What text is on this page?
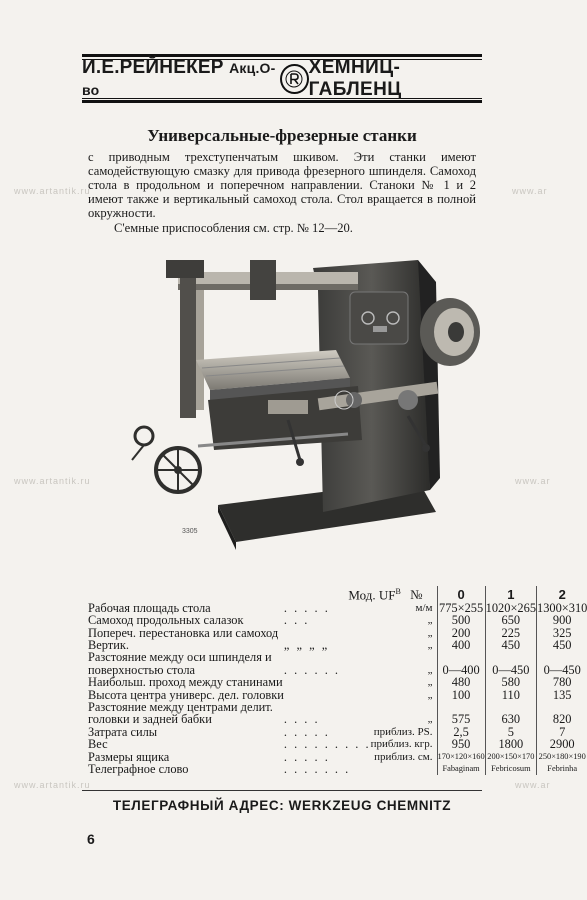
И.Е.РЕЙНЕКЕР Акц.О-во
ХЕМНИЦ-ГАБЛЕНЦ
Универсальные-фрезерные станки

с приводным трехступенчатым шкивом. Эти станки имеют самодействующую смазку для привода фрезерного шпинделя. Самоход стола в продольном и поперечном направлении. Станоки № 1 и 2 имеют также и вертикальный самоход стола. Стол вращается в полной окружности.

С'емные приспособления см. стр. № 12—20.

www.artantik.ru	www.ar
www.artantik.ru	www.ar
www.artantik.ru	www.ar
3305
Мод. $UF^B$ №			0	1	2
Рабочая площадь стола	. . . . .	м/м	775×255	1020×265	1300×310
Самоход продольных салазок	. . .	„	500	650	900
Попереч. перестановка или самоход		„	200	225	325
Вертик.	„ „ „ „	„	400	450	450
Разстояние между оси шпинделя и					
поверхностью стола	. . . . . .	„	0—400	0—450	0—450
Наибольш. проход между станинами		„	480	580	780
Высота центра универс. дел. головки		„	100	110	135
Разстояние между центрами делит.					
головки и задней бабки	. . . .	„	575	630	820
Затрата силы	. . . . .	приблиз. PS.	2,5	5	7
Вес	. . . . . . . . .	приблиз. кгр.	950	1800	2900
Размеры ящика	. . . . .	приблиз. см.	170×120×160	200×150×170	250×180×190
Телеграфное слово	. . . . . . .		Fabaginam	Febricosum	Febrinha
ТЕЛЕГРАФНЫЙ АДРЕС: WERKZEUG CHEMNITZ
6
